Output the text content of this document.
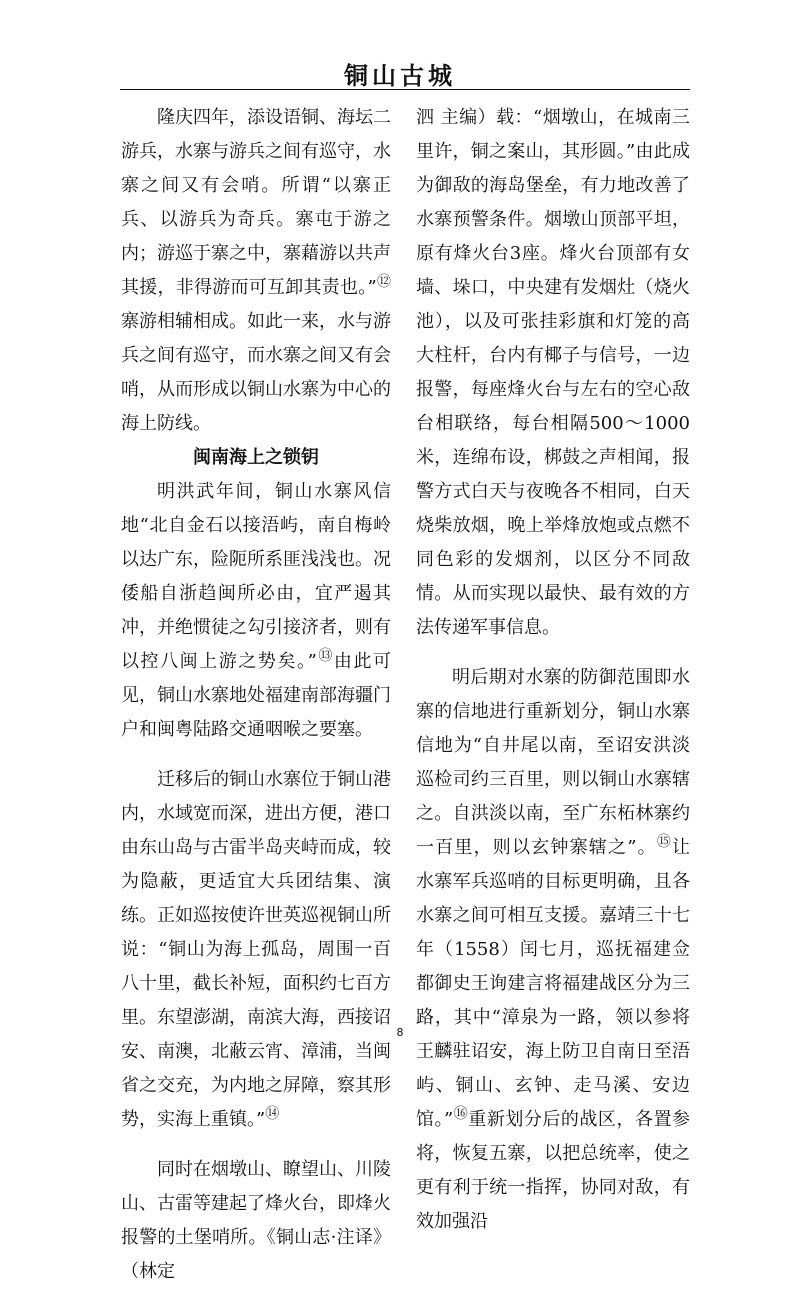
铜山古城

隆庆四年，添设语铜、海坛二游兵，水寨与游兵之间有巡守，水寨之间又有会哨。所谓“以寨正兵、以游兵为奇兵。寨屯于游之内；游巡于寨之中，寨藉游以共声其援，非得游而可互卸其责也。”⑫寨游相辅相成。如此一来，水与游兵之间有巡守，而水寨之间又有会哨，从而形成以铜山水寨为中心的海上防线。

闽南海上之锁钥

明洪武年间，铜山水寨风信地“北自金石以接浯屿，南自梅岭以达广东，险阨所系匪浅浅也。况倭船自浙趋闽所必由，宜严遏其冲，并绝惯徒之勾引接济者，则有以控八闽上游之势矣。”⑬由此可见，铜山水寨地处福建南部海疆门户和闽粤陆路交通咽喉之要塞。

迁移后的铜山水寨位于铜山港内，水域宽而深，进出方便，港口由东山岛与古雷半岛夹峙而成，较为隐蔽，更适宜大兵团结集、演练。正如巡按使许世英巡视铜山所说：“铜山为海上孤岛，周围一百八十里，截长补短，面积约七百方里。东望澎湖，南滨大海，西接诏安、南澳，北蔽云宵、漳浦，当闽省之交充，为内地之屏障，察其形势，实海上重镇。”⑭

同时在烟墩山、瞭望山、川陵山、古雷等建起了烽火台，即烽火报警的土堡哨所。《铜山志·注译》（林定

泗 主编）载：“烟墩山，在城南三里许，铜之案山，其形圆。”由此成为御敌的海岛堡垒，有力地改善了水寨预警条件。烟墩山顶部平坦，原有烽火台3座。烽火台顶部有女墙、垛口，中央建有发烟灶（烧火池），以及可张挂彩旗和灯笼的高大柱杆，台内有椰子与信号，一边报警，每座烽火台与左右的空心敌台相联络，每台相隔500～1000米，连绵布设，梆鼓之声相闻，报警方式白天与夜晚各不相同，白天烧柴放烟，晚上举烽放炮或点燃不同色彩的发烟剂，以区分不同敌情。从而实现以最快、最有效的方法传递军事信息。

明后期对水寨的防御范围即水寨的信地进行重新划分，铜山水寨信地为“自井尾以南，至诏安洪淡巡检司约三百里，则以铜山水寨辖之。自洪淡以南，至广东柘林寨约一百里，则以玄钟寨辖之”。⑮让水寨军兵巡哨的目标更明确，且各水寨之间可相互支援。嘉靖三十七年（1558）闰七月，巡抚福建佥都御史王询建言将福建战区分为三路，其中“漳泉为一路，领以参将王麟驻诏安，海上防卫自南日至浯屿、铜山、玄钟、走马溪、安边馆。”⑯重新划分后的战区，各置参将，恢复五寨，以把总统率，使之更有利于统一指挥，协同对敌，有效加强沿

8
